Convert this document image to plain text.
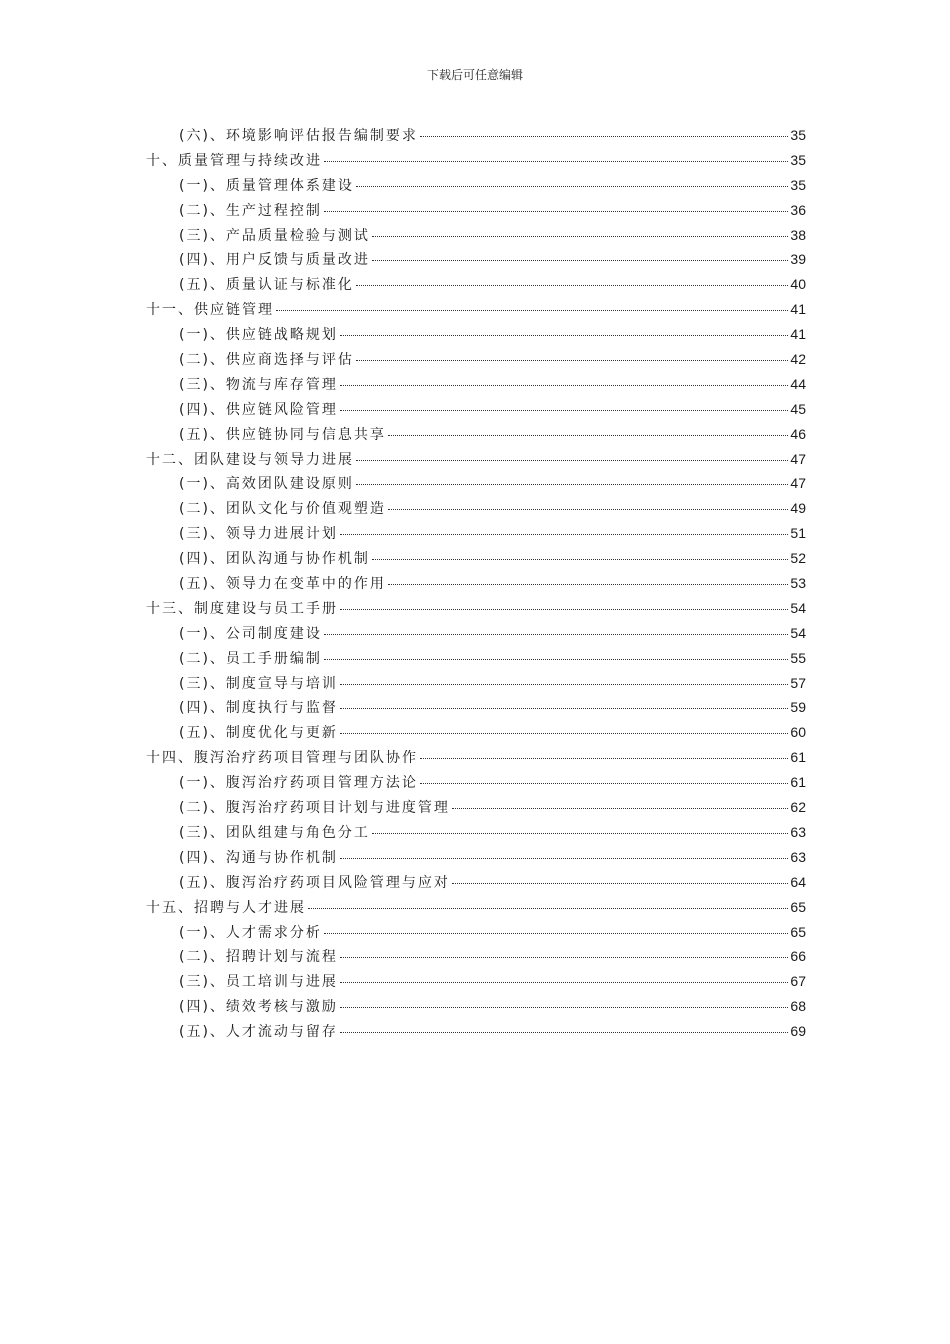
下载后可任意编辑
(六)、环境影响评估报告编制要求	35
十、质量管理与持续改进	35
(一)、质量管理体系建设	35
(二)、生产过程控制	36
(三)、产品质量检验与测试	38
(四)、用户反馈与质量改进	39
(五)、质量认证与标准化	40
十一、供应链管理	41
(一)、供应链战略规划	41
(二)、供应商选择与评估	42
(三)、物流与库存管理	44
(四)、供应链风险管理	45
(五)、供应链协同与信息共享	46
十二、团队建设与领导力进展	47
(一)、高效团队建设原则	47
(二)、团队文化与价值观塑造	49
(三)、领导力进展计划	51
(四)、团队沟通与协作机制	52
(五)、领导力在变革中的作用	53
十三、制度建设与员工手册	54
(一)、公司制度建设	54
(二)、员工手册编制	55
(三)、制度宣导与培训	57
(四)、制度执行与监督	59
(五)、制度优化与更新	60
十四、腹泻治疗药项目管理与团队协作	61
(一)、腹泻治疗药项目管理方法论	61
(二)、腹泻治疗药项目计划与进度管理	62
(三)、团队组建与角色分工	63
(四)、沟通与协作机制	63
(五)、腹泻治疗药项目风险管理与应对	64
十五、招聘与人才进展	65
(一)、人才需求分析	65
(二)、招聘计划与流程	66
(三)、员工培训与进展	67
(四)、绩效考核与激励	68
(五)、人才流动与留存	69
